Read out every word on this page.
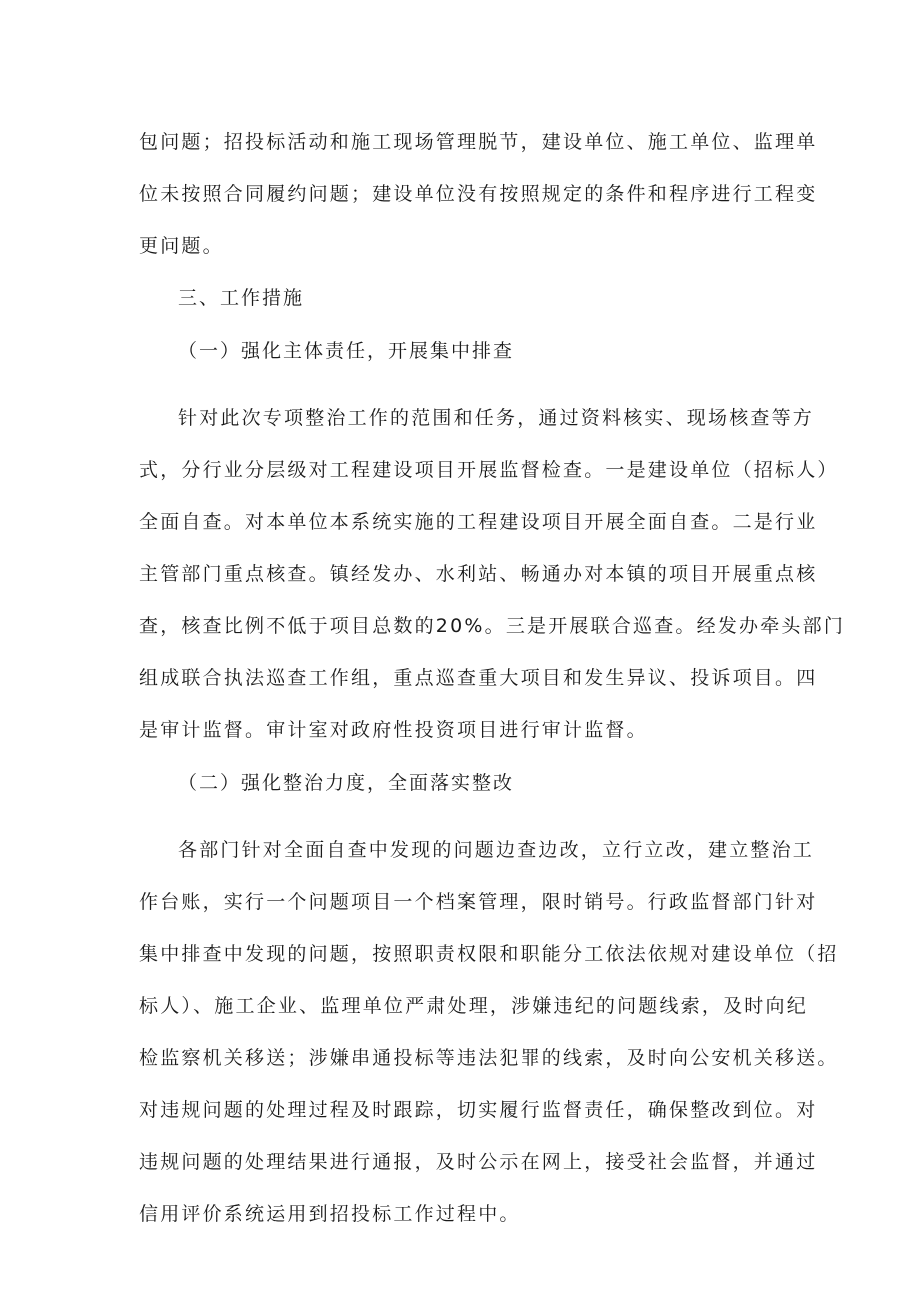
包问题；招投标活动和施工现场管理脱节，建设单位、施工单位、监理单
位未按照合同履约问题；建设单位没有按照规定的条件和程序进行工程变
更问题。
三、工作措施
（一）强化主体责任，开展集中排查
针对此次专项整治工作的范围和任务，通过资料核实、现场核查等方
式，分行业分层级对工程建设项目开展监督检查。一是建设单位（招标人）
全面自查。对本单位本系统实施的工程建设项目开展全面自查。二是行业
主管部门重点核查。镇经发办、水利站、畅通办对本镇的项目开展重点核
查，核查比例不低于项目总数的20%。三是开展联合巡查。经发办牵头部门
组成联合执法巡查工作组，重点巡查重大项目和发生异议、投诉项目。四
是审计监督。审计室对政府性投资项目进行审计监督。
（二）强化整治力度，全面落实整改
各部门针对全面自查中发现的问题边查边改，立行立改，建立整治工
作台账，实行一个问题项目一个档案管理，限时销号。行政监督部门针对
集中排查中发现的问题，按照职责权限和职能分工依法依规对建设单位（招
标人）、施工企业、监理单位严肃处理，涉嫌违纪的问题线索，及时向纪
检监察机关移送；涉嫌串通投标等违法犯罪的线索，及时向公安机关移送。
对违规问题的处理过程及时跟踪，切实履行监督责任，确保整改到位。对
违规问题的处理结果进行通报，及时公示在网上，接受社会监督，并通过
信用评价系统运用到招投标工作过程中。
